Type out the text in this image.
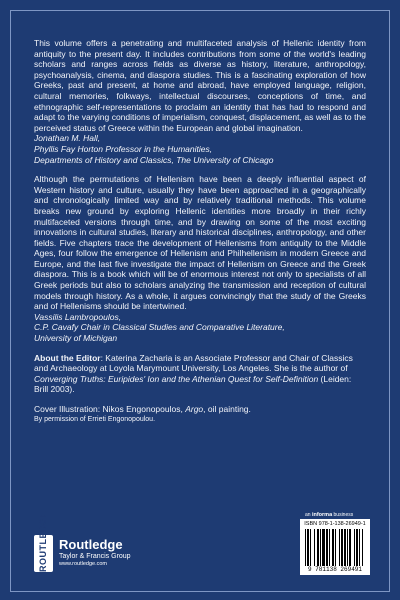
This volume offers a penetrating and multifaceted analysis of Hellenic identity from antiquity to the present day. It includes contributions from some of the world's leading scholars and ranges across fields as diverse as history, literature, anthropology, psychoanalysis, cinema, and diaspora studies. This is a fascinating exploration of how Greeks, past and present, at home and abroad, have employed language, religion, cultural memories, folkways, intellectual discourses, conceptions of time, and ethnographic self-representations to proclaim an identity that has had to respond and adapt to the varying conditions of imperialism, conquest, displacement, as well as to the perceived status of Greece within the European and global imagination.

Jonathan M. Hall,
Phyllis Fay Horton Professor in the Humanities,
Departments of History and Classics, The University of Chicago

Although the permutations of Hellenism have been a deeply influential aspect of Western history and culture, usually they have been approached in a geographically and chronologically limited way and by relatively traditional methods. This volume breaks new ground by exploring Hellenic identities more broadly in their richly multifaceted versions through time, and by drawing on some of the most exciting innovations in cultural studies, literary and historical disciplines, anthropology, and other fields. Five chapters trace the development of Hellenisms from antiquity to the Middle Ages, four follow the emergence of Hellenism and Philhellenism in modern Greece and Europe, and the last five investigate the impact of Hellenism on Greece and the Greek diaspora. This is a book which will be of enormous interest not only to specialists of all Greek periods but also to scholars analyzing the transmission and reception of cultural models through history. As a whole, it argues convincingly that the study of the Greeks and of Hellenisms should be intertwined.

Vassilis Lambropoulos,
C.P. Cavafy Chair in Classical Studies and Comparative Literature,
University of Michigan

About the Editor: Katerina Zacharia is an Associate Professor and Chair of Classics and Archaeology at Loyola Marymount University, Los Angeles. She is the author of Converging Truths: Euripides' Ion and the Athenian Quest for Self-Definition (Leiden: Brill 2003).

Cover Illustration: Nikos Engonopoulos, Argo, oil painting.

By permission of Errieti Engonopoulou.

an informa business
ROUTLEDGE Routledge
Taylor & Francis Group
www.routledge.com
ISBN 978-1-138-26949-1
9 781138 269491
